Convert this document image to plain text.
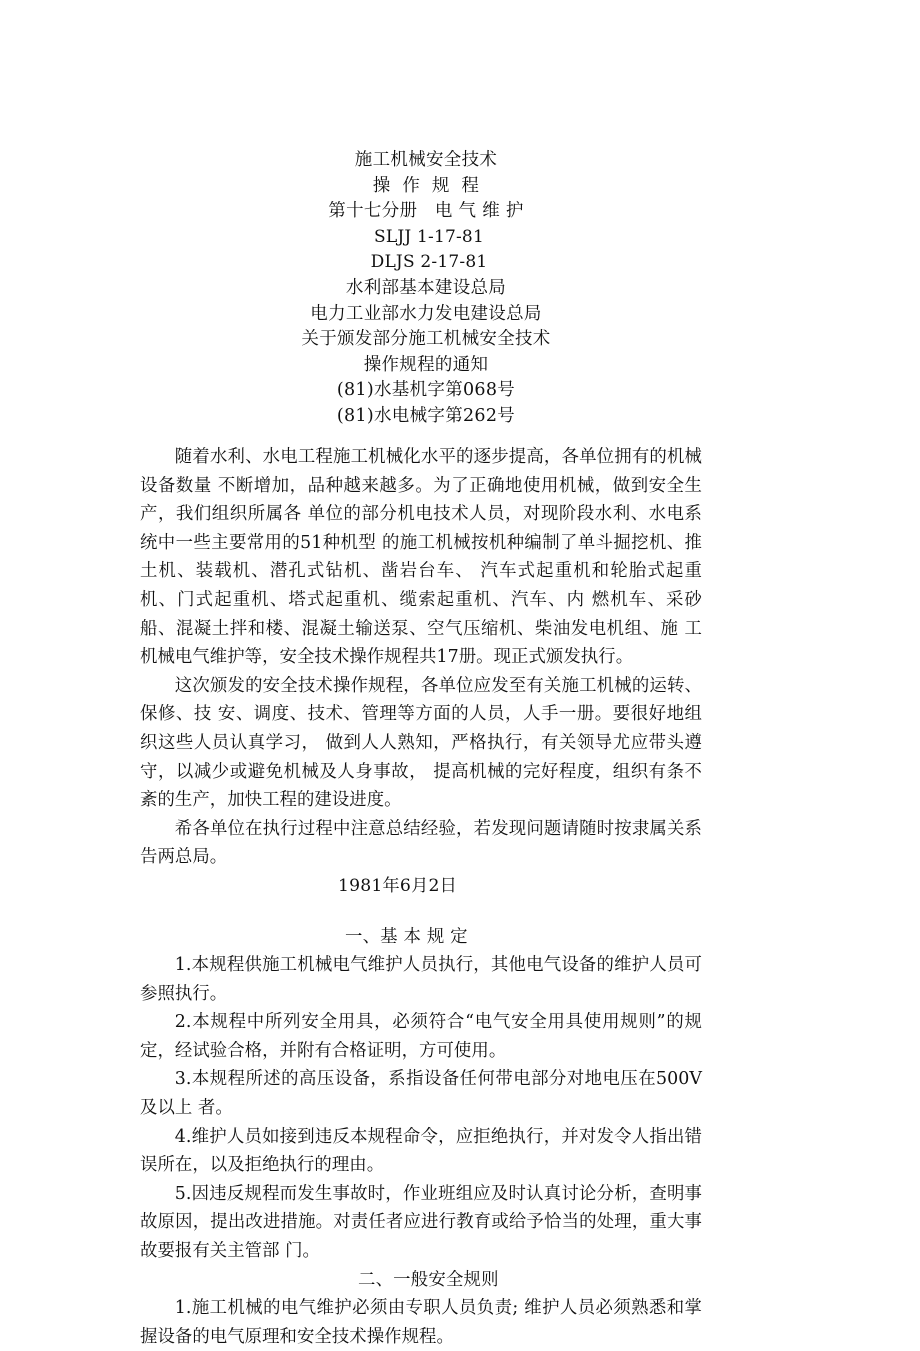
施工机械安全技术
操  作  规  程
第十七分册   电 气 维 护
SLJJ 1-17-81
DLJS 2-17-81
水利部基本建设总局
电力工业部水力发电建设总局
关于颁发部分施工机械安全技术
操作规程的通知
(81)水基机字第068号
(81)水电械字第262号

随着水利、水电工程施工机械化水平的逐步提高，各单位拥有的机械设备数量 不断增加，品种越来越多。为了正确地使用机械，做到安全生产，我们组织所属各 单位的部分机电技术人员，对现阶段水利、水电系统中一些主要常用的51种机型 的施工机械按机种编制了单斗掘挖机、推土机、装载机、潜孔式钻机、凿岩台车、 汽车式起重机和轮胎式起重机、门式起重机、塔式起重机、缆索起重机、汽车、内 燃机车、采砂船、混凝土拌和楼、混凝土输送泵、空气压缩机、柴油发电机组、施 工机械电气维护等，安全技术操作规程共17册。现正式颁发执行。

这次颁发的安全技术操作规程，各单位应发至有关施工机械的运转、保修、技 安、调度、技术、管理等方面的人员，人手一册。要很好地组织这些人员认真学习， 做到人人熟知，严格执行，有关领导尤应带头遵守，以减少或避免机械及人身事故， 提高机械的完好程度，组织有条不紊的生产，加快工程的建设进度。

希各单位在执行过程中注意总结经验，若发现问题请随时按隶属关系告两总局。

1981年6月2日

一、基 本 规 定

1.本规程供施工机械电气维护人员执行，其他电气设备的维护人员可参照执行。

2.本规程中所列安全用具，必须符合“电气安全用具使用规则”的规定，经试验合格，并附有合格证明，方可使用。

3.本规程所述的高压设备，系指设备任何带电部分对地电压在500V及以上 者。

4.维护人员如接到违反本规程命令，应拒绝执行，并对发令人指出错误所在，以及拒绝执行的理由。

5.因违反规程而发生事故时，作业班组应及时认真讨论分析，查明事故原因，提出改进措施。对责任者应进行教育或给予恰当的处理，重大事故要报有关主管部 门。

二、一般安全规则

1.施工机械的电气维护必须由专职人员负责; 维护人员必须熟悉和掌握设备的电气原理和安全技术操作规程。
